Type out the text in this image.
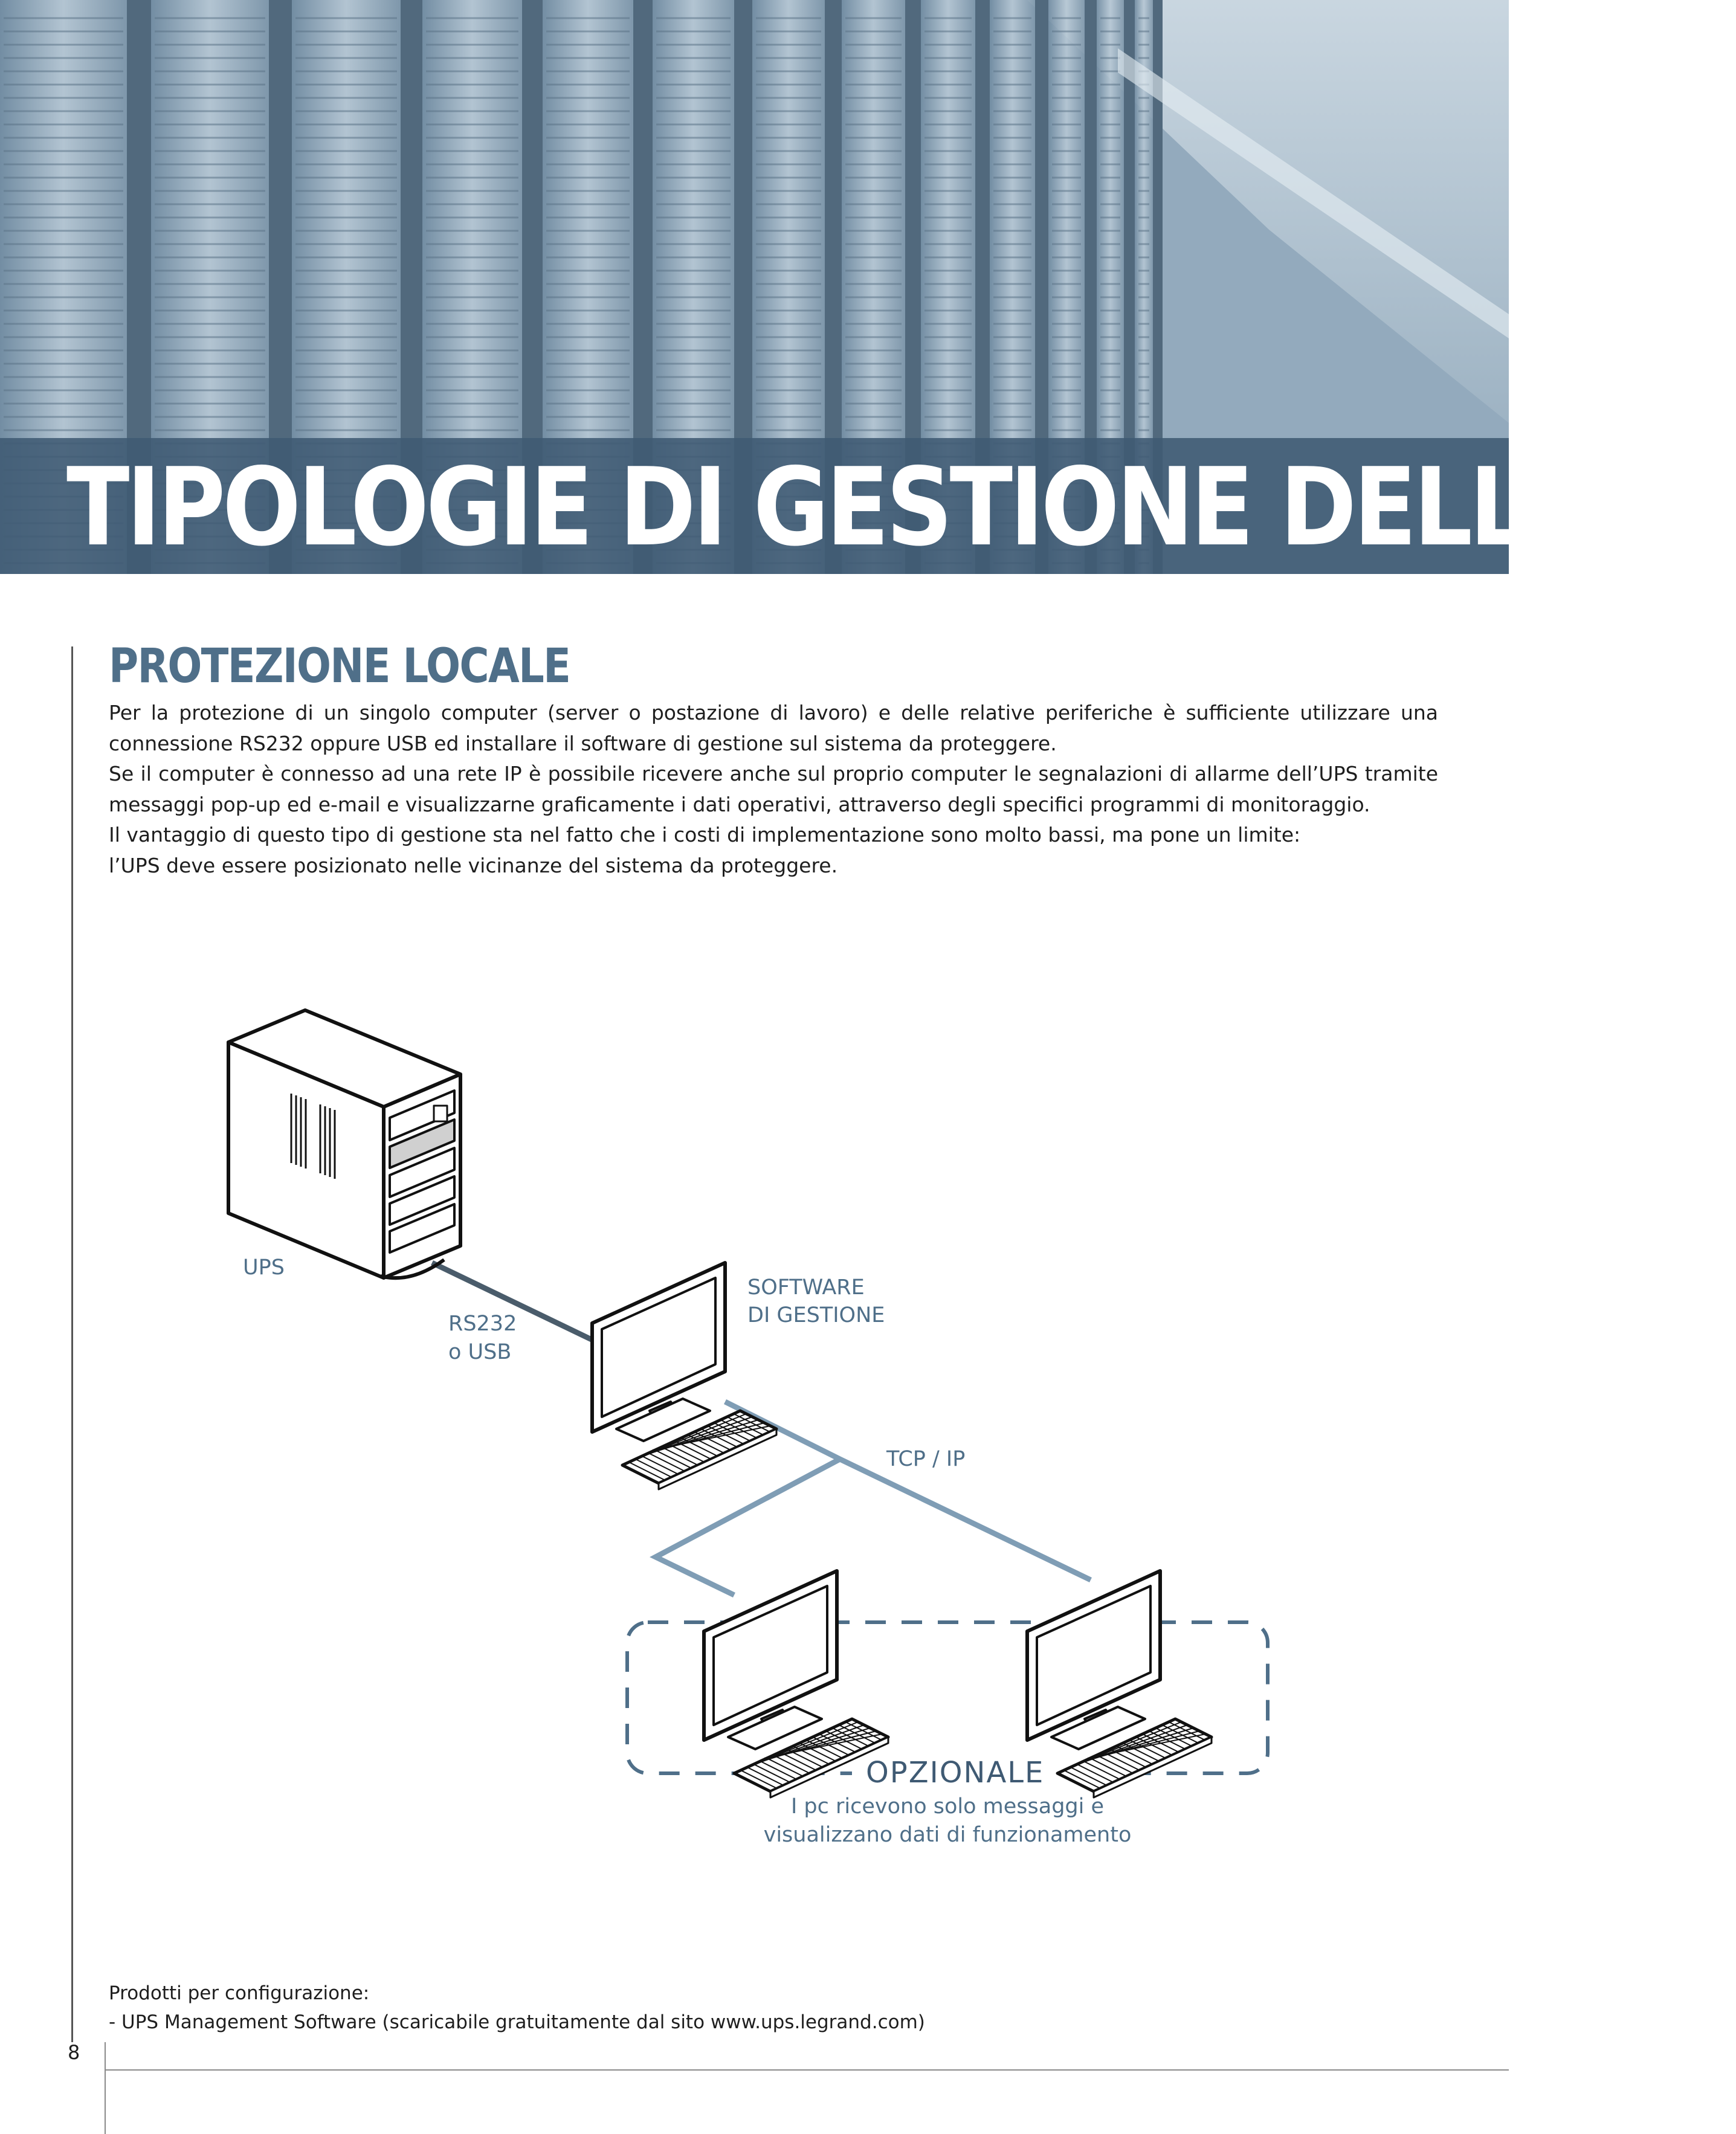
TIPOLOGIE DI GESTIONE DELL’UPS
PROTEZIONE LOCALE

Per la protezione di un singolo computer (server o postazione di lavoro) e delle relative periferiche è sufficiente utilizzare una

connessione RS232 oppure USB ed installare il software di gestione sul sistema da proteggere.

Se il computer è connesso ad una rete IP è possibile ricevere anche sul proprio computer le segnalazioni di allarme dell’UPS tramite

messaggi pop-up ed e-mail e visualizzarne graficamente i dati operativi, attraverso degli specifici programmi di monitoraggio.

Il vantaggio di questo tipo di gestione sta nel fatto che i costi di implementazione sono molto bassi, ma pone un limite:

l’UPS deve essere posizionato nelle vicinanze del sistema da proteggere.

UPS
RS232
o USB
SOFTWARE
DI GESTIONE
TCP / IP
OPZIONALE
I pc ricevono solo messaggi e
visualizzano dati di funzionamento
Prodotti per configurazione:
- UPS Management Software (scaricabile gratuitamente dal sito www.ups.legrand.com)
8
